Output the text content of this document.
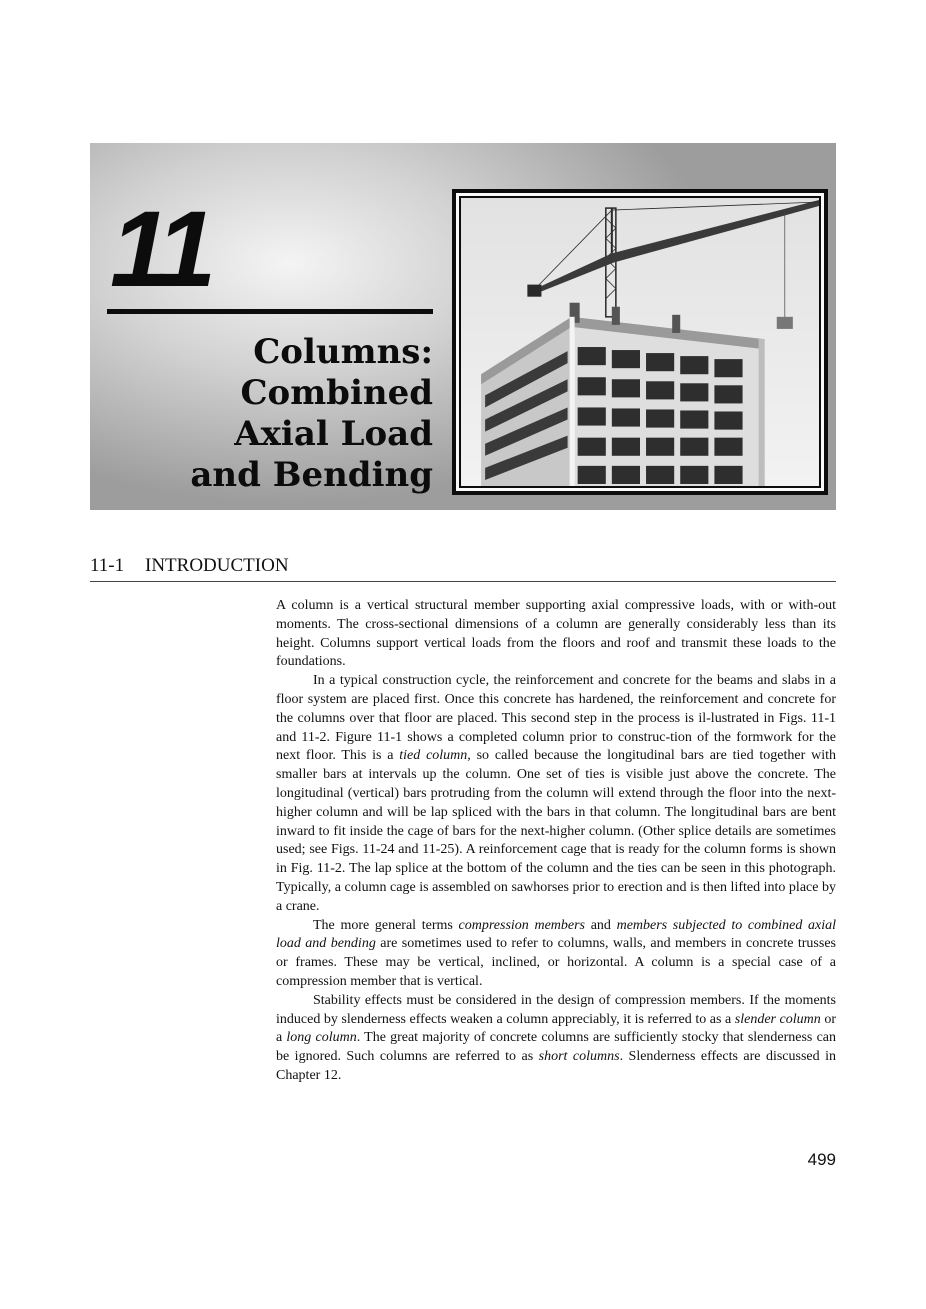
11
Columns:
Combined
Axial Load
and Bending
11-1 INTRODUCTION

A column is a vertical structural member supporting axial compressive loads, with or with-out moments. The cross-sectional dimensions of a column are generally considerably less than its height. Columns support vertical loads from the floors and roof and transmit these loads to the foundations.

In a typical construction cycle, the reinforcement and concrete for the beams and slabs in a floor system are placed first. Once this concrete has hardened, the reinforcement and concrete for the columns over that floor are placed. This second step in the process is il-lustrated in Figs. 11-1 and 11-2. Figure 11-1 shows a completed column prior to construc-tion of the formwork for the next floor. This is a tied column, so called because the longitudinal bars are tied together with smaller bars at intervals up the column. One set of ties is visible just above the concrete. The longitudinal (vertical) bars protruding from the column will extend through the floor into the next-higher column and will be lap spliced with the bars in that column. The longitudinal bars are bent inward to fit inside the cage of bars for the next-higher column. (Other splice details are sometimes used; see Figs. 11-24 and 11-25). A reinforcement cage that is ready for the column forms is shown in Fig. 11-2. The lap splice at the bottom of the column and the ties can be seen in this photograph. Typically, a column cage is assembled on sawhorses prior to erection and is then lifted into place by a crane.

The more general terms compression members and members subjected to combined axial load and bending are sometimes used to refer to columns, walls, and members in concrete trusses or frames. These may be vertical, inclined, or horizontal. A column is a special case of a compression member that is vertical.

Stability effects must be considered in the design of compression members. If the moments induced by slenderness effects weaken a column appreciably, it is referred to as a slender column or a long column. The great majority of concrete columns are sufficiently stocky that slenderness can be ignored. Such columns are referred to as short columns. Slenderness effects are discussed in Chapter 12.

499
